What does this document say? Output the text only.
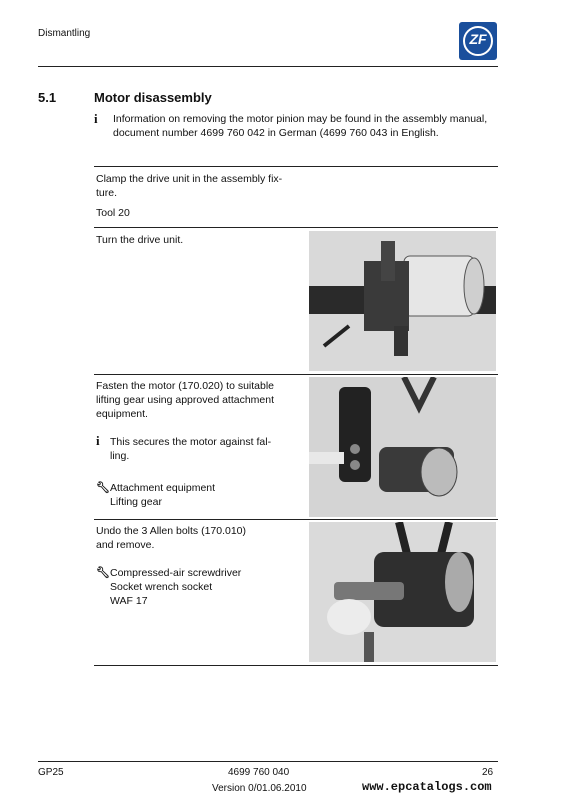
Dismantling	ZF
5.1	Motor disassembly
i Information on removing the motor pinion may be found in the assembly manual, document number 4699 760 042 in German (4699 760 043 in English.
Clamp the drive unit in the assembly fix-
ture.
Tool 20
Turn the drive unit.
Fasten the motor (170.020) to suitable
lifting gear using approved attachment
equipment.
i This secures the motor against fal-
ling.
🔧︎ Attachment equipment
Lifting gear
Undo the 3 Allen bolts (170.010)
and remove.
🔧︎ Compressed-air screwdriver
Socket wrench socket
WAF 17
GP25	4699 760 040
Version 0/01.06.2010
26
www.epcatalogs.com
